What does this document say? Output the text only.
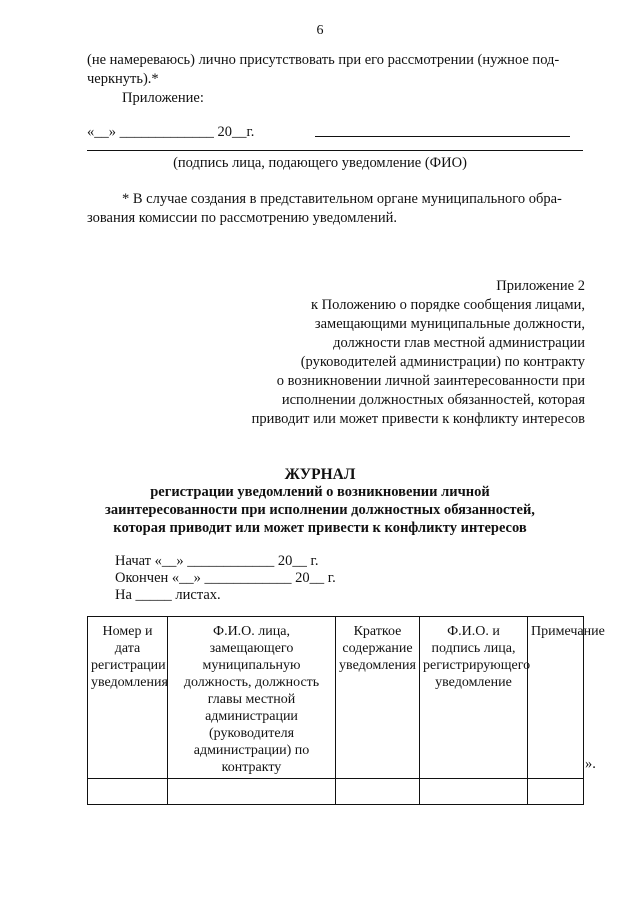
6
(не намереваюсь) лично присутствовать при его рассмотрении (нужное под-
черкнуть).*
Приложение:
«__» _____________ 20__г.
(подпись лица, подающего уведомление (ФИО)
* В случае создания в представительном органе муниципального обра-
зования комиссии по рассмотрению уведомлений.
Приложение 2
к Положению о порядке сообщения лицами,
замещающими муниципальные должности,
должности глав местной администрации
(руководителей администрации) по контракту
о возникновении личной заинтересованности при
исполнении должностных обязанностей, которая
приводит или может привести к конфликту интересов
ЖУРНАЛ
регистрации уведомлений о возникновении личной
заинтересованности при исполнении должностных обязанностей,
которая приводит или может привести к конфликту интересов
Начат «__» ____________ 20__ г.
Окончен «__» ____________ 20__ г.
На _____ листах.
Номер и дата регистрации уведомления	Ф.И.О. лица, замещающего муниципальную должность, должность главы местной администрации (руководителя администрации) по контракту	Краткое содержание уведомления	Ф.И.О. и подпись лица, регистрирующего уведомление	Примечание

».
